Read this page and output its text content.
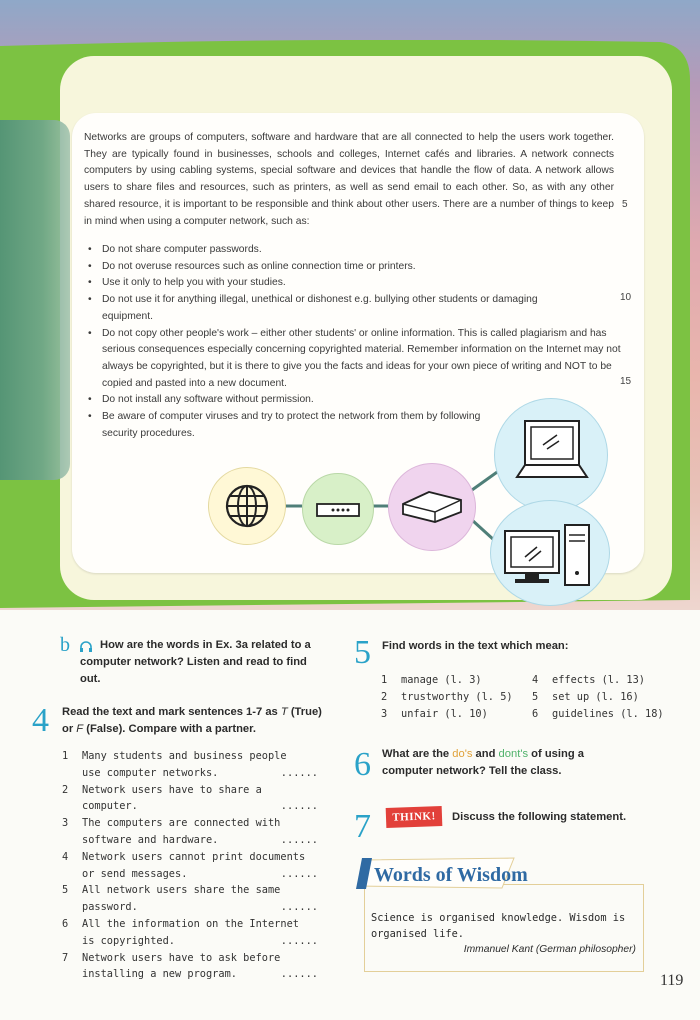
Networks are groups of computers, software and hardware that are all connected to help the users work together. They are typically found in businesses, schools and colleges, Internet cafés and libraries. A network connects computers by using cabling systems, special software and devices that handle the flow of data. A network allows users to share files and resources, such as printers, as well as send email to each other. So, as with any other shared resource, it is important to be responsible and think about other users. There are a number of things to keep in mind when using a computer network, such as:
5
• Do not share computer passwords.
• Do not overuse resources such as online connection time or printers.
• Use it only to help you with your studies.
• Do not use it for anything illegal, unethical or dishonest e.g. bullying other students or damaging equipment.
• Do not copy other people's work – either other students' or online information. This is called plagiarism and has serious consequences especially concerning copyrighted material. Remember information on the Internet may not always be copyrighted, but it is there to give you the facts and ideas for your own piece of writing and NOT to be copied and pasted into a new document.
• Do not install any software without permission.
• Be aware of computer viruses and try to protect the network from them by following security procedures.
10
15
b	How are the words in Ex. 3a related to a computer network? Listen and read to find out.
4 Read the text and mark sentences 1-7 as T (True) or F (False). Compare with a partner.
1 Many students and business people
use computer networks.	......
2 Network users have to share a computer.	......
3 The computers are connected with
software and hardware.	......
4 Network users cannot print documents
or send messages.	......
5 All network users share the same
password.	......
6 All the information on the Internet
is copyrighted.	......
7 Network users have to ask before
installing a new program.	......
5 Find words in the text which mean:
1 manage (l. 3)
2 trustworthy (l. 5)
3 unfair (l. 10)
4 effects (l. 13)
5 set up (l. 16)
6 guidelines (l. 18)
6 What are the do's and dont's of using a computer network? Tell the class.
7	THINK!	Discuss the following statement.
Words of Wisdom
Science is organised knowledge. Wisdom is organised life.
Immanuel Kant (German philosopher)
119
